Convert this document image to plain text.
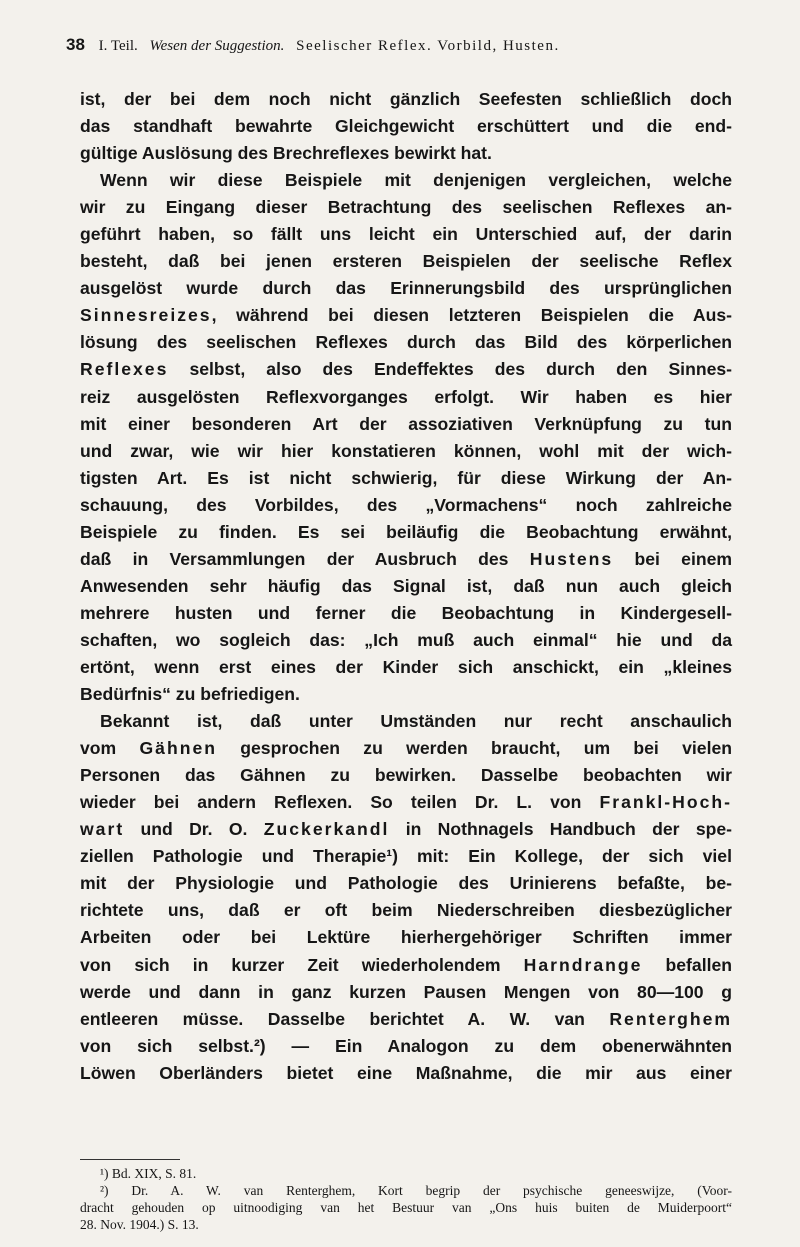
38 I. Teil. Wesen der Suggestion. Seelischer Reflex. Vorbild, Husten.
ist, der bei dem noch nicht gänzlich Seefesten schließlich doch
das standhaft bewahrte Gleichgewicht erschüttert und die end-
gültige Auslösung des Brechreflexes bewirkt hat.
Wenn wir diese Beispiele mit denjenigen vergleichen, welche
wir zu Eingang dieser Betrachtung des seelischen Reflexes an-
geführt haben, so fällt uns leicht ein Unterschied auf, der darin
besteht, daß bei jenen ersteren Beispielen der seelische Reflex
ausgelöst wurde durch das Erinnerungsbild des ursprünglichen
Sinnesreizes, während bei diesen letzteren Beispielen die Aus-
lösung des seelischen Reflexes durch das Bild des körperlichen
Reflexes selbst, also des Endeffektes des durch den Sinnes-
reiz ausgelösten Reflexvorganges erfolgt. Wir haben es hier
mit einer besonderen Art der assoziativen Verknüpfung zu tun
und zwar, wie wir hier konstatieren können, wohl mit der wich-
tigsten Art. Es ist nicht schwierig, für diese Wirkung der An-
schauung, des Vorbildes, des „Vormachens“ noch zahlreiche
Beispiele zu finden. Es sei beiläufig die Beobachtung erwähnt,
daß in Versammlungen der Ausbruch des Hustens bei einem
Anwesenden sehr häufig das Signal ist, daß nun auch gleich
mehrere husten und ferner die Beobachtung in Kindergesell-
schaften, wo sogleich das: „Ich muß auch einmal“ hie und da
ertönt, wenn erst eines der Kinder sich anschickt, ein „kleines
Bedürfnis“ zu befriedigen.
Bekannt ist, daß unter Umständen nur recht anschaulich
vom Gähnen gesprochen zu werden braucht, um bei vielen
Personen das Gähnen zu bewirken. Dasselbe beobachten wir
wieder bei andern Reflexen. So teilen Dr. L. von Frankl-Hoch-
wart und Dr. O. Zuckerkandl in Nothnagels Handbuch der spe-
ziellen Pathologie und Therapie¹) mit: Ein Kollege, der sich viel
mit der Physiologie und Pathologie des Urinierens befaßte, be-
richtete uns, daß er oft beim Niederschreiben diesbezüglicher
Arbeiten oder bei Lektüre hierhergehöriger Schriften immer
von sich in kurzer Zeit wiederholendem Harndrange befallen
werde und dann in ganz kurzen Pausen Mengen von 80—100 g
entleeren müsse. Dasselbe berichtet A. W. van Renterghem
von sich selbst.²) — Ein Analogon zu dem obenerwähnten
Löwen Oberländers bietet eine Maßnahme, die mir aus einer
¹) Bd. XIX, S. 81.
²) Dr. A. W. van Renterghem, Kort begrip der psychische geneeswijze, (Voor-
dracht gehouden op uitnoodiging van het Bestuur van „Ons huis buiten de Muiderpoort“
28. Nov. 1904.) S. 13.
